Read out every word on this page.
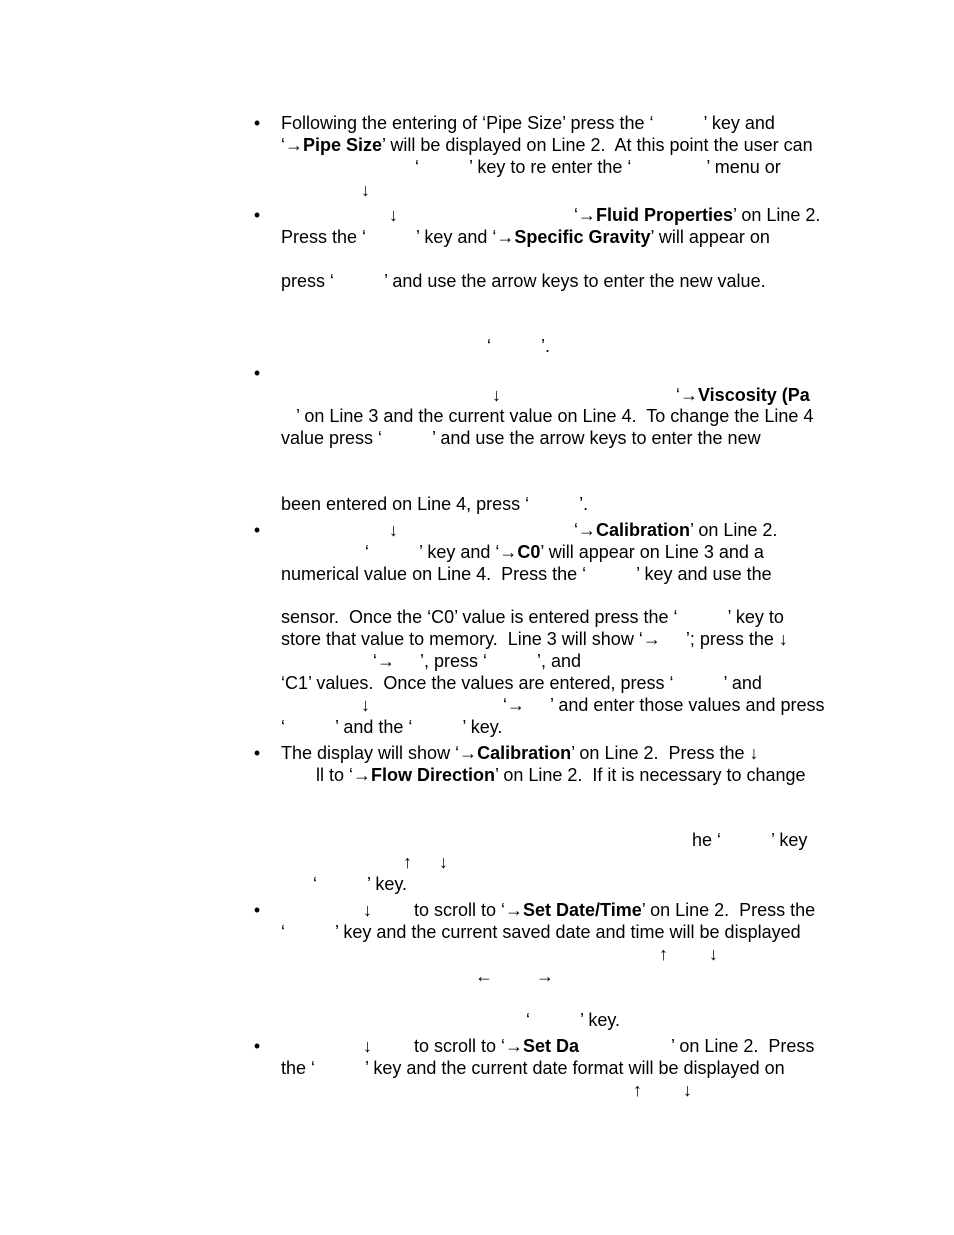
•
•
•
•
•
•
•
Following the entering of ‘Pipe Size’ press the ‘          ’ key and
‘→Pipe Size’ will be displayed on Line 2.  At this point the user can
‘          ’ key to re enter the ‘               ’ menu or
↓
↓	‘→Fluid Properties’ on Line 2.
Press the ‘          ’ key and ‘→Specific Gravity’ will appear on
press ‘          ’ and use the arrow keys to enter the new value.
‘          ’.
↓	‘→Viscosity (Pa
’ on Line 3 and the current value on Line 4.  To change the Line 4
value press ‘          ’ and use the arrow keys to enter the new
been entered on Line 4, press ‘          ’.
↓	‘→Calibration’ on Line 2.
‘          ’ key and ‘→C0’ will appear on Line 3 and a
numerical value on Line 4.  Press the ‘          ’ key and use the
sensor.  Once the ‘C0’ value is entered press the ‘          ’ key to
store that value to memory.  Line 3 will show ‘→     ’; press the ↓
‘→     ’, press ‘          ’, and
‘C1’ values.  Once the values are entered, press ‘          ’ and
↓	‘→     ’ and enter those values and press
‘          ’ and the ‘          ’ key.
The display will show ‘→Calibration’ on Line 2.  Press the ↓
ll to ‘→Flow Direction’ on Line 2.  If it is necessary to change
he ‘          ’ key
↑ ↓
‘          ’ key.
↓ to scroll to ‘→Set Date/Time’ on Line 2.  Press the
‘          ’ key and the current saved date and time will be displayed
↑ ↓
← →
‘          ’ key.
↓ to scroll to ‘→Set Da	’ on Line 2.  Press
the ‘          ’ key and the current date format will be displayed on
↑ ↓
